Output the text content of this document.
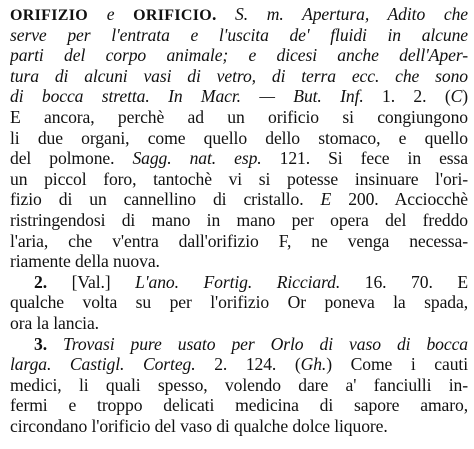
ORIFIZIO e ORIFICIO. S. m. Apertura, Adito che
serve per l'entrata e l'uscita de' fluidi in alcune
parti del corpo animale; e dicesi anche dell'Aper-
tura di alcuni vasi di vetro, di terra ecc. che sono
di bocca stretta. In Macr. — But. Inf. 1. 2. (C)
E ancora, perchè ad un orificio si congiungono
li due organi, come quello dello stomaco, e quello
del polmone. Sagg. nat. esp. 121. Si fece in essa
un piccol foro, tantochè vi si potesse insinuare l'ori-
fizio di un cannellino di cristallo. E 200. Acciocchè
ristringendosi di mano in mano per opera del freddo
l'aria, che v'entra dall'orifizio F, ne venga necessa-
riamente della nuova.
2. [Val.] L'ano. Fortig. Ricciard. 16. 70. E
qualche volta su per l'orifizio Or poneva la spada,
ora la lancia.
3. Trovasi pure usato per Orlo di vaso di bocca
larga. Castigl. Corteg. 2. 124. (Gh.) Come i cauti
medici, li quali spesso, volendo dare a' fanciulli in-
fermi e troppo delicati medicina di sapore amaro,
circondano l'orificio del vaso di qualche dolce liquore.
